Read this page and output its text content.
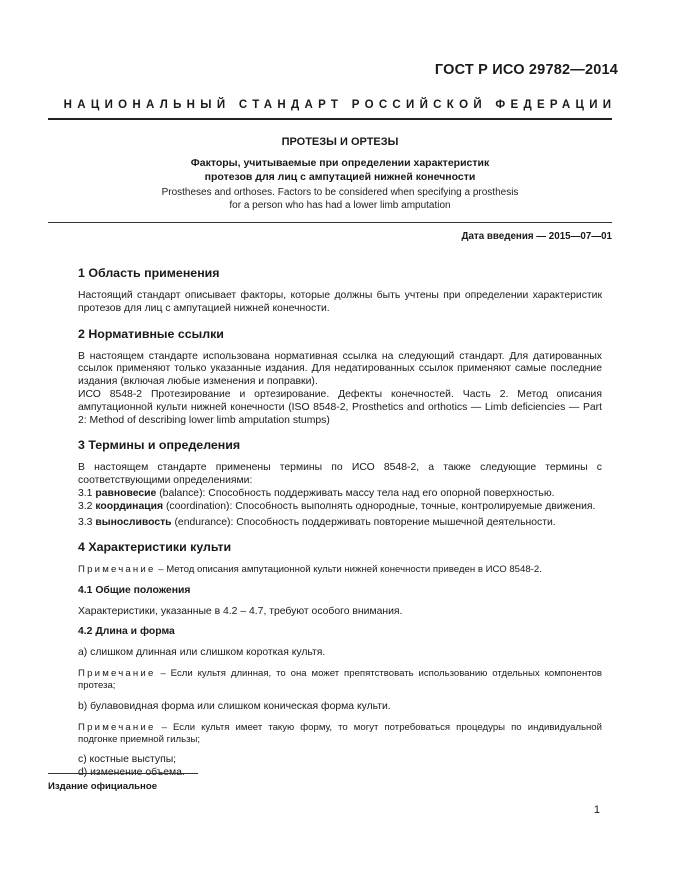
ГОСТ Р ИСО 29782—2014
НАЦИОНАЛЬНЫЙ СТАНДАРТ РОССИЙСКОЙ ФЕДЕРАЦИИ
ПРОТЕЗЫ И ОРТЕЗЫ
Факторы, учитываемые при определении характеристик
протезов для лиц с ампутацией нижней конечности
Prostheses and orthoses. Factors to be considered when specifying a prosthesis
for a person who has had a lower limb amputation
Дата введения — 2015—07—01
1 Область применения

Настоящий стандарт описывает факторы, которые должны быть учтены при определении характеристик протезов для лиц с ампутацией нижней конечности.

2 Нормативные ссылки

В настоящем стандарте использована нормативная ссылка на следующий стандарт. Для датированных ссылок применяют только указанные издания. Для недатированных ссылок применяют самые последние издания (включая любые изменения и поправки).

ИСО 8548-2 Протезирование и ортезирование. Дефекты конечностей. Часть 2. Метод описания ампутационной культи нижней конечности (ISO 8548-2, Prosthetics and orthotics — Limb deficiencies — Part 2: Method of describing lower limb amputation stumps)

3 Термины и определения

В настоящем стандарте применены термины по ИСО 8548-2, а также следующие термины с соответствующими определениями:

3.1 равновесие (balance): Способность поддерживать массу тела над его опорной поверхностью.

3.2 координация (coordination): Способность выполнять однородные, точные, контролируемые движения.

3.3 выносливость (endurance): Способность поддерживать повторение мышечной деятельности.

4 Характеристики культи

Примечание – Метод описания ампутационной культи нижней конечности приведен в ИСО 8548-2.

4.1 Общие положения

Характеристики, указанные в 4.2 – 4.7, требуют особого внимания.

4.2 Длина и форма

а) слишком длинная или слишком короткая культя.

Примечание – Если культя длинная, то она может препятствовать использованию отдельных компонентов протеза;

b) булавовидная форма или слишком коническая форма культи.

Примечание – Если культя имеет такую форму, то могут потребоваться процедуры по индивидуальной подгонке приемной гильзы;

c) костные выступы;

d) изменение объема.

Издание официальное
1
